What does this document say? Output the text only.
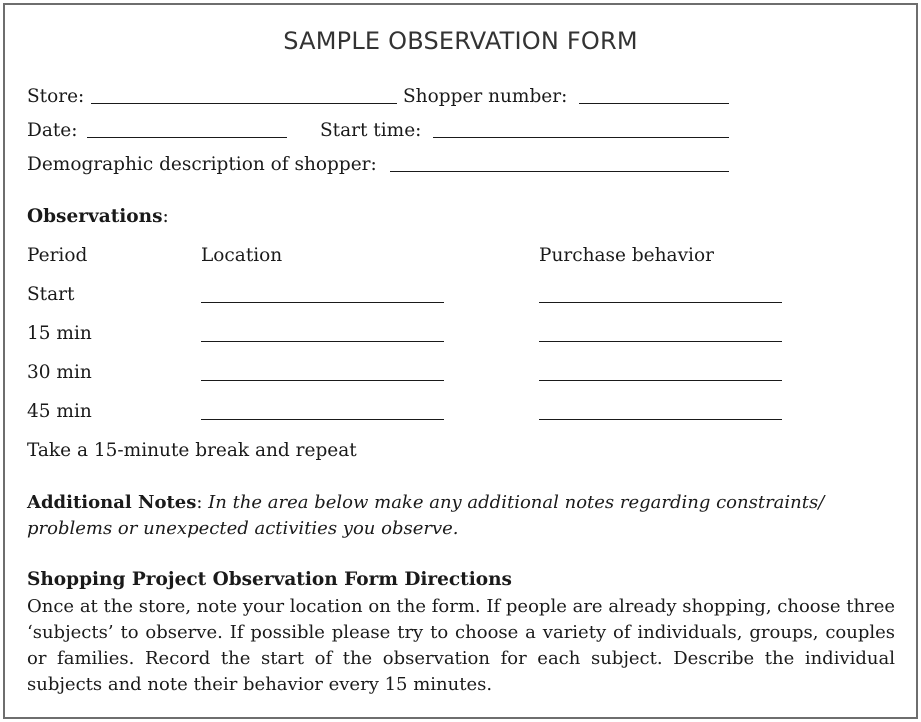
SAMPLE OBSERVATION FORM
Store:	Shopper number:
Date:	Start time:
Demographic description of shopper:
Observations:
Period	Location	Purchase behavior
Start
15 min
30 min
45 min
Take a 15-minute break and repeat
Additional Notes: In the area below make any additional notes regarding constraints/ problems or unexpected activities you observe.
Shopping Project Observation Form Directions
Once at the store, note your location on the form. If people are already shopping, choose three ‘subjects’ to observe. If possible please try to choose a variety of individuals, groups, couples or families. Record the start of the observation for each subject. Describe the individual subjects and note their behavior every 15 minutes.
